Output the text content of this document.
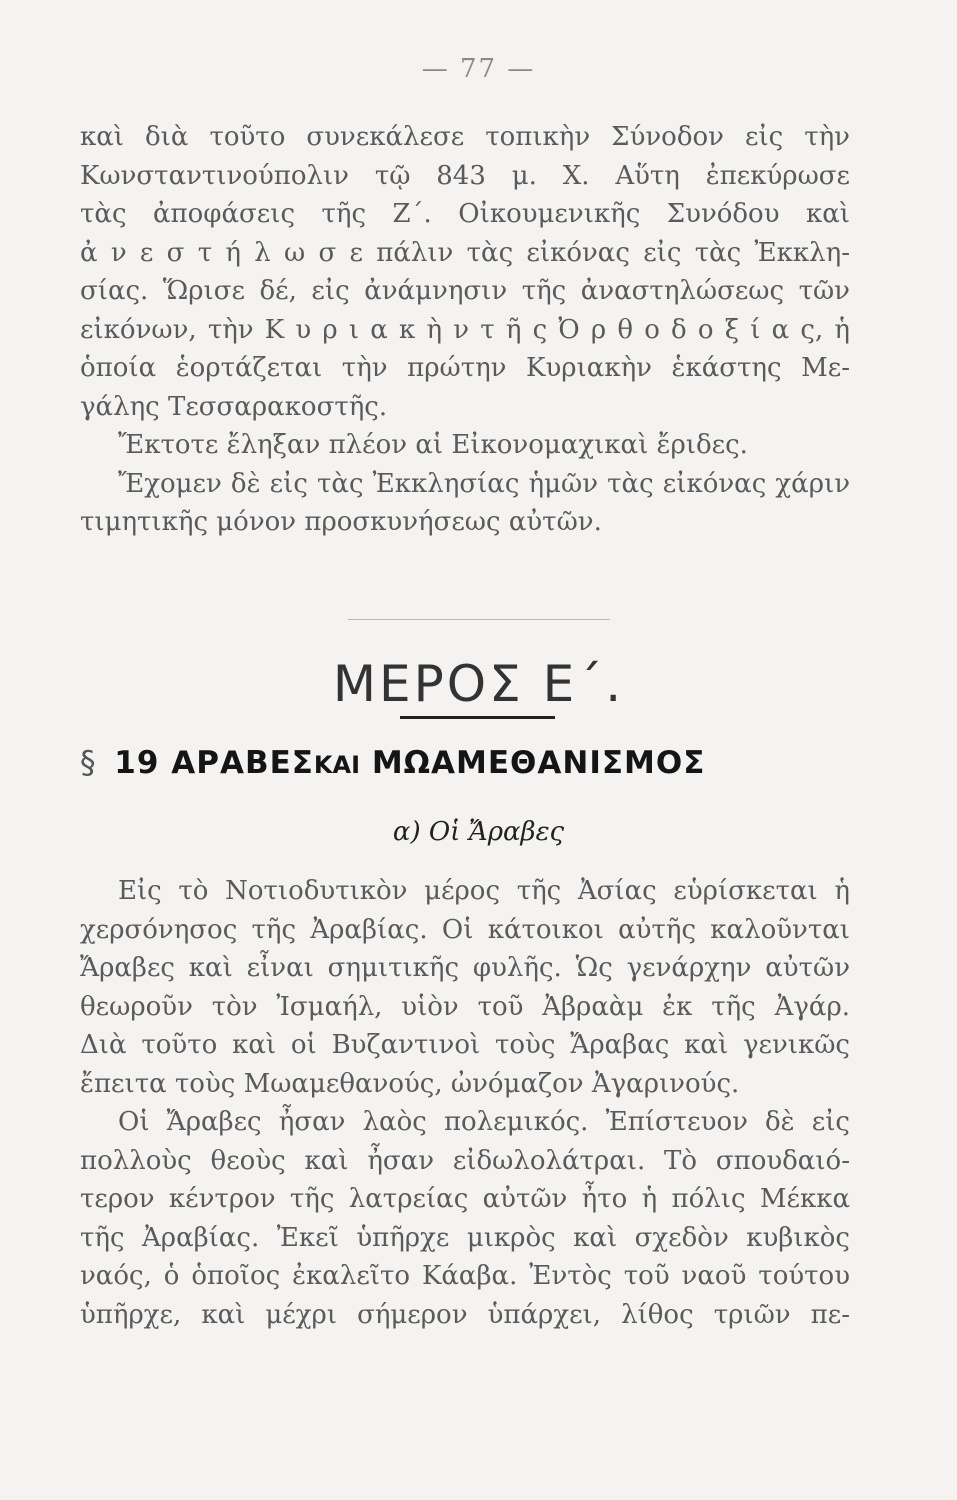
— 77 —
καὶ διὰ τοῦτο συνεκάλεσε τοπικὴν Σύνοδον εἰς τὴν
Κωνσταντινούπολιν τῷ 843 μ. Χ. Αὕτη ἐπεκύρωσε
τὰς ἀποφάσεις τῆς Ζ΄. Οἰκουμενικῆς Συνόδου καὶ
ἀ ν ε σ τ ή λ ω σ ε πάλιν τὰς εἰκόνας εἰς τὰς Ἐκκλη-
σίας. Ὥρισε δέ, εἰς ἀνάμνησιν τῆς ἀναστηλώσεως τῶν
εἰκόνων, τὴν Κ υ ρ ι α κ ὴ ν τ ῆ ς Ὀ ρ θ ο δ ο ξ ί α ς, ἡ
ὁποία ἑορτάζεται τὴν πρώτην Κυριακὴν ἑκάστης Με-
γάλης Τεσσαρακοστῆς.
Ἔκτοτε ἔληξαν πλέον αἱ Εἰκονομαχικαὶ ἔριδες.
Ἔχομεν δὲ εἰς τὰς Ἐκκλησίας ἡμῶν τὰς εἰκόνας χάριν
τιμητικῆς μόνον προσκυνήσεως αὐτῶν.
ΜΕΡΟΣ Ε΄.
§ 19 ΑΡΑΒΕΣΚΑΙ ΜΩΑΜΕΘΑΝΙΣΜΟΣ
α) Οἱ Ἄραβες
Εἰς τὸ Νοτιοδυτικὸν μέρος τῆς Ἀσίας εὑρίσκεται ἡ
χερσόνησος τῆς Ἀραβίας. Οἱ κάτοικοι αὐτῆς καλοῦνται
Ἄραβες καὶ εἶναι σημιτικῆς φυλῆς. Ὡς γενάρχην αὐτῶν
θεωροῦν τὸν Ἰσμαήλ, υἱὸν τοῦ Ἀβραὰμ ἐκ τῆς Ἀγάρ.
Διὰ τοῦτο καὶ οἱ Βυζαντινοὶ τοὺς Ἄραβας καὶ γενικῶς
ἔπειτα τοὺς Μωαμεθανούς, ὠνόμαζον Ἀγαρινούς.
Οἱ Ἄραβες ἦσαν λαὸς πολεμικός. Ἐπίστευον δὲ εἰς
πολλοὺς θεοὺς καὶ ἦσαν εἰδωλολάτραι. Τὸ σπουδαιό-
τερον κέντρον τῆς λατρείας αὐτῶν ἦτο ἡ πόλις Μέκκα
τῆς Ἀραβίας. Ἐκεῖ ὑπῆρχε μικρὸς καὶ σχεδὸν κυβικὸς
ναός, ὁ ὁποῖος ἐκαλεῖτο Κάαβα. Ἐντὸς τοῦ ναοῦ τούτου
ὑπῆρχε, καὶ μέχρι σήμερον ὑπάρχει, λίθος τριῶν πε-
